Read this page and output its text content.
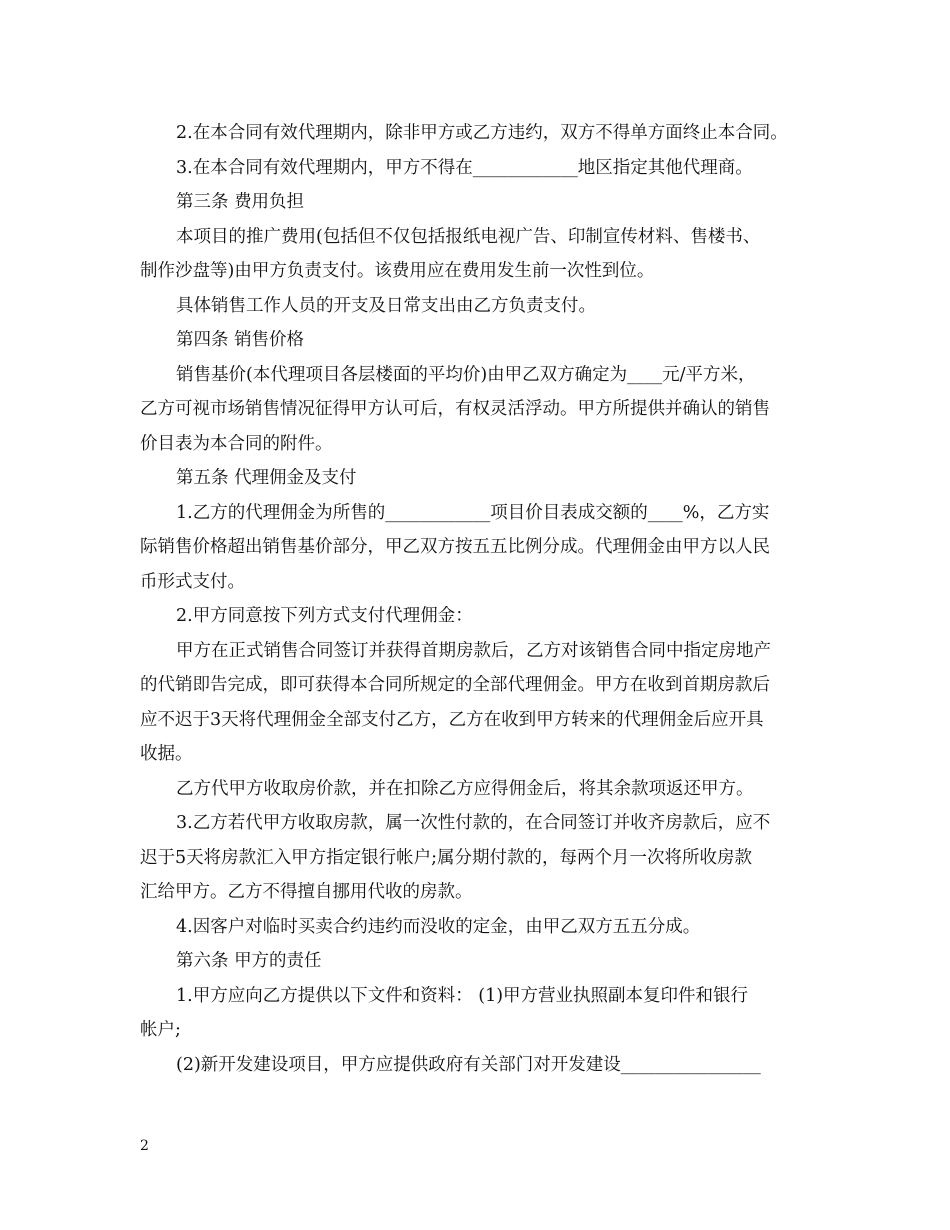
2.在本合同有效代理期内，除非甲方或乙方违约，双方不得单方面终止本合同。
3.在本合同有效代理期内，甲方不得在____________地区指定其他代理商。
第三条 费用负担
本项目的推广费用(包括但不仅包括报纸电视广告、印制宣传材料、售楼书、
制作沙盘等)由甲方负责支付。该费用应在费用发生前一次性到位。
具体销售工作人员的开支及日常支出由乙方负责支付。
第四条 销售价格
销售基价(本代理项目各层楼面的平均价)由甲乙双方确定为____元/平方米，
乙方可视市场销售情况征得甲方认可后，有权灵活浮动。甲方所提供并确认的销售
价目表为本合同的附件。
第五条 代理佣金及支付
1.乙方的代理佣金为所售的____________项目价目表成交额的____%，乙方实
际销售价格超出销售基价部分，甲乙双方按五五比例分成。代理佣金由甲方以人民
币形式支付。
2.甲方同意按下列方式支付代理佣金：
甲方在正式销售合同签订并获得首期房款后，乙方对该销售合同中指定房地产
的代销即告完成，即可获得本合同所规定的全部代理佣金。甲方在收到首期房款后
应不迟于3天将代理佣金全部支付乙方，乙方在收到甲方转来的代理佣金后应开具
收据。
乙方代甲方收取房价款，并在扣除乙方应得佣金后，将其余款项返还甲方。
3.乙方若代甲方收取房款，属一次性付款的，在合同签订并收齐房款后，应不
迟于5天将房款汇入甲方指定银行帐户;属分期付款的，每两个月一次将所收房款
汇给甲方。乙方不得擅自挪用代收的房款。
4.因客户对临时买卖合约违约而没收的定金，由甲乙双方五五分成。
第六条 甲方的责任
1.甲方应向乙方提供以下文件和资料： (1)甲方营业执照副本复印件和银行
帐户;
(2)新开发建设项目，甲方应提供政府有关部门对开发建设________________
2
